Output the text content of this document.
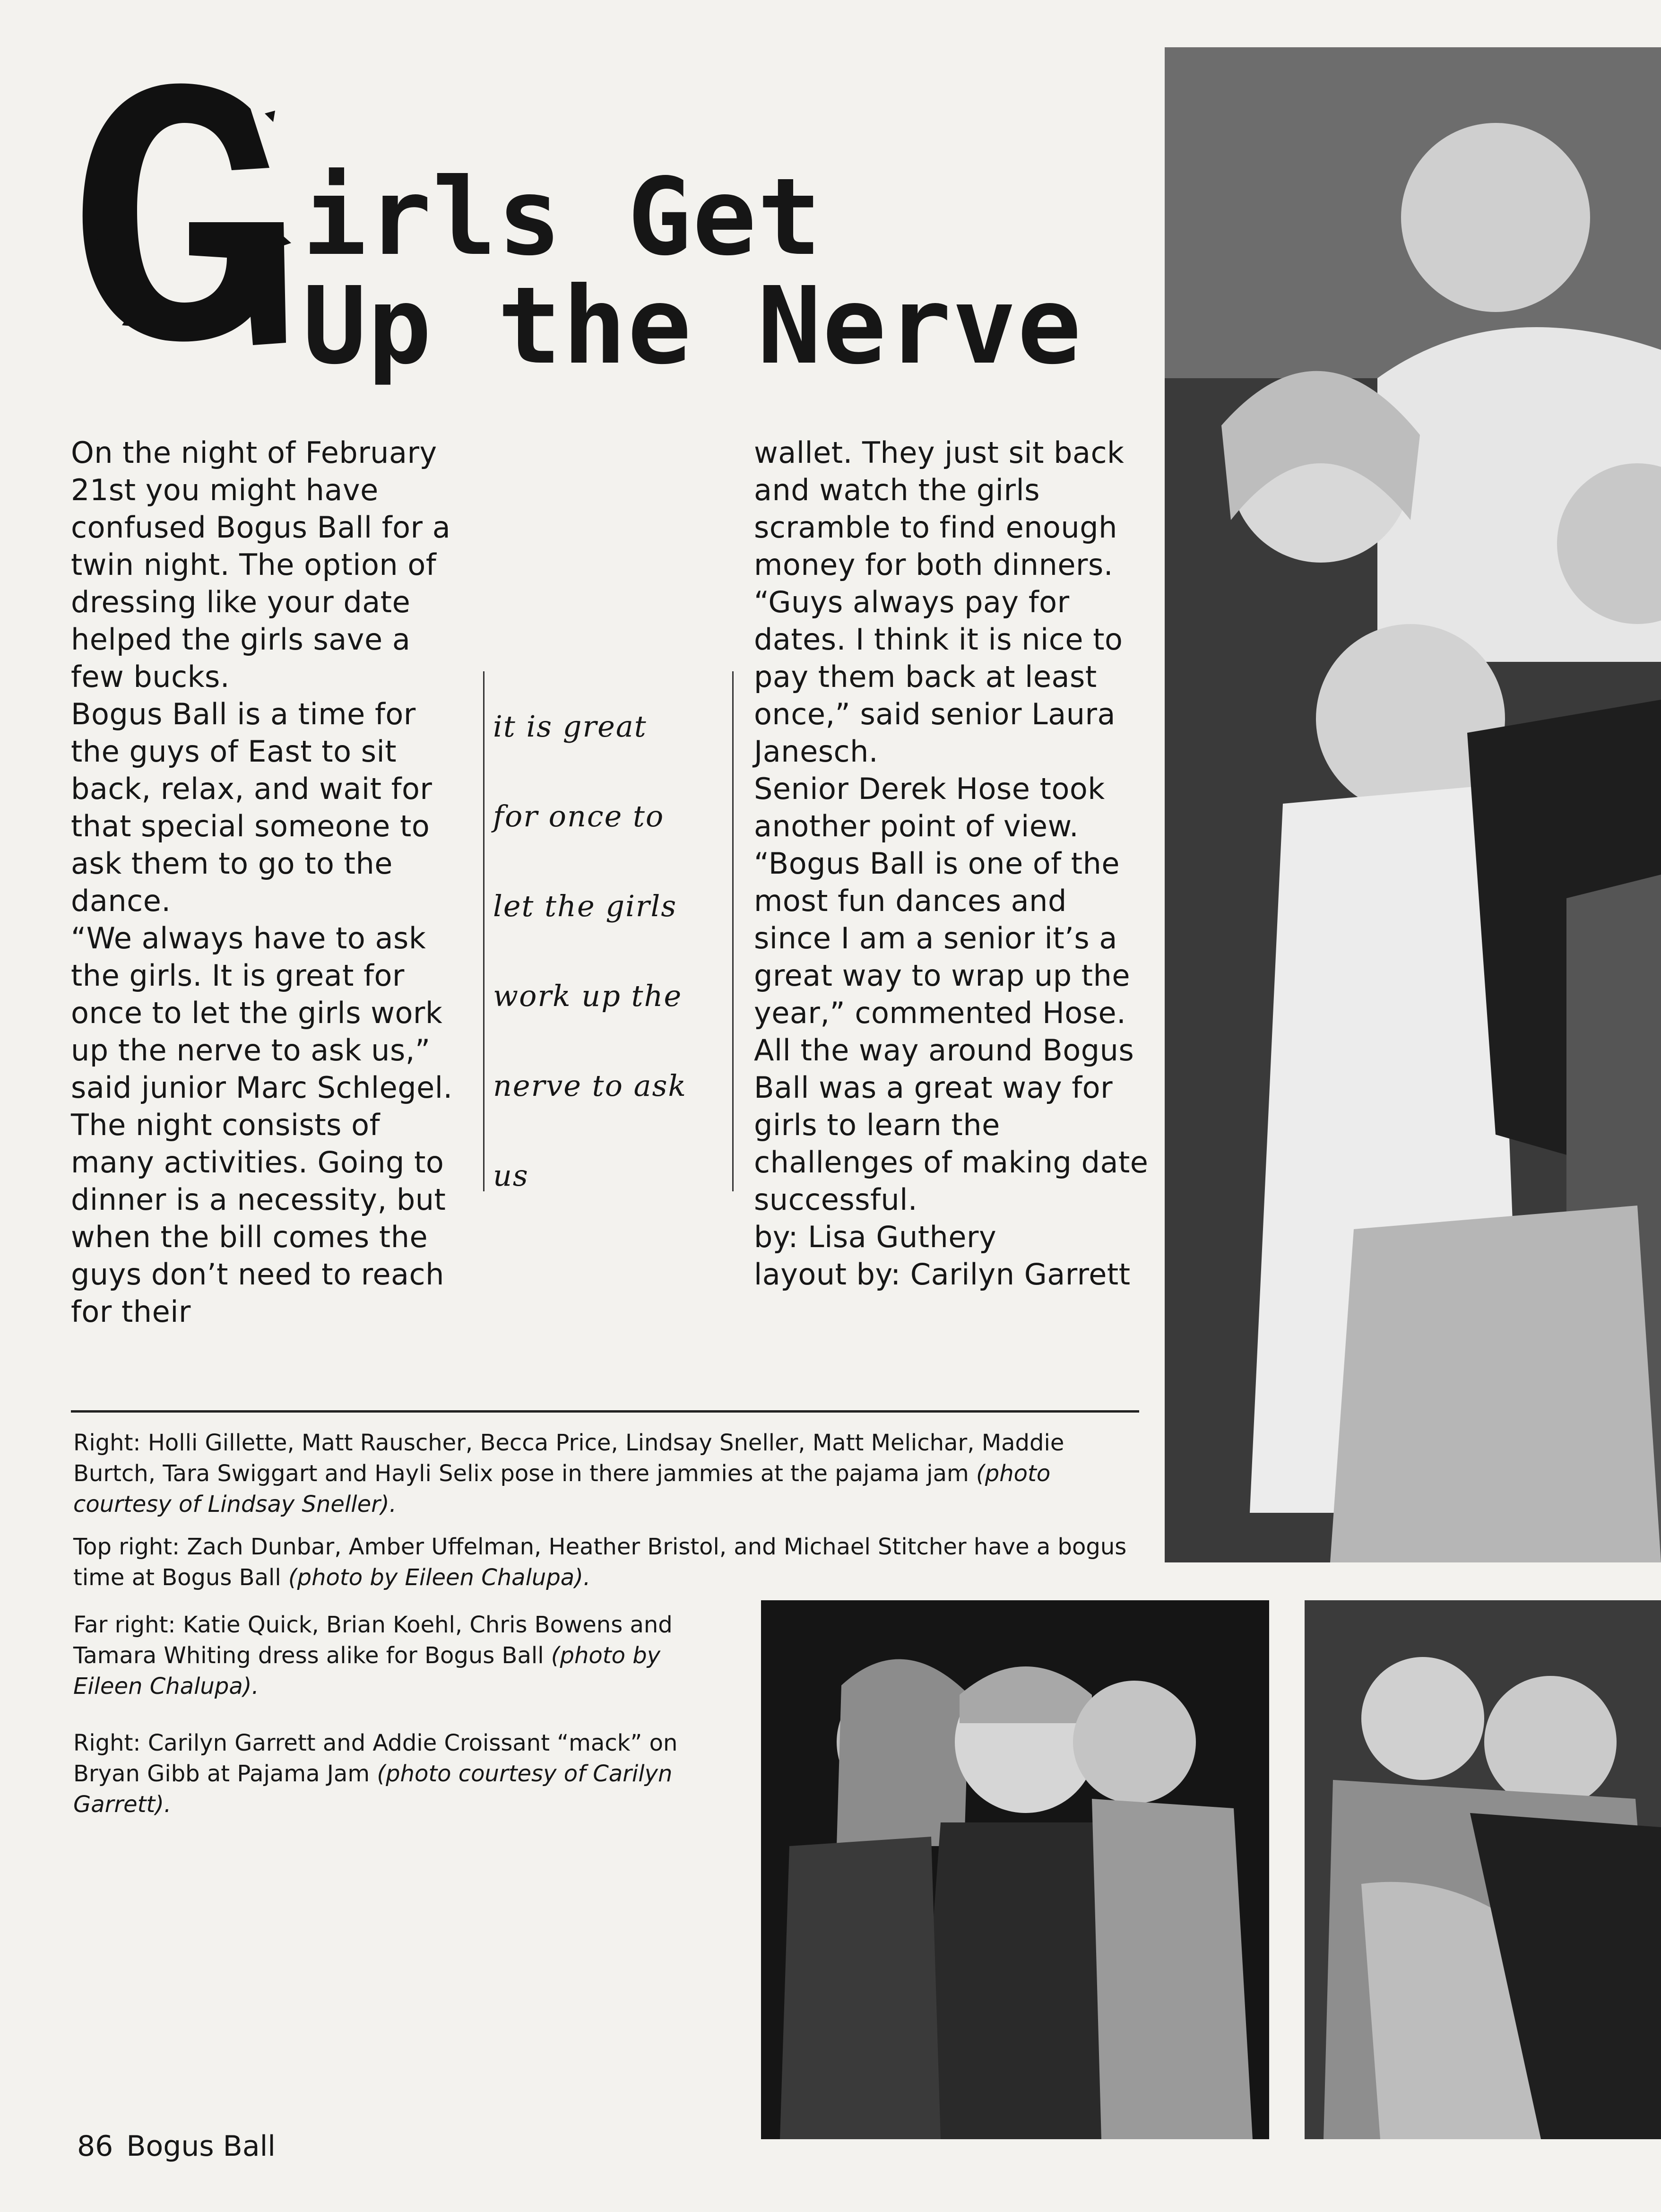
irls Get
Up the Nerve

On the night of February 21st you might have confused Bogus Ball for a twin night. The option of dressing like your date helped the girls save a few bucks.

Bogus Ball is a time for the guys of East to sit back, relax, and wait for that special someone to ask them to go to the dance.

“We always have to ask the girls. It is great for once to let the girls work up the nerve to ask us,” said junior Marc Schlegel.

The night consists of many activities. Going to dinner is a necessity, but when the bill comes the guys don’t need to reach for their

it is great
for once to
let the girls
work up the
nerve to ask
us

wallet. They just sit back and watch the girls scramble to find enough money for both dinners.

“Guys always pay for dates. I think it is nice to pay them back at least once,” said senior Laura Janesch.

Senior Derek Hose took another point of view.

“Bogus Ball is one of the most fun dances and since I am a senior it’s a great way to wrap up the year,” commented Hose.

All the way around Bogus Ball was a great way for girls to learn the challenges of making date successful.

by: Lisa Guthery

layout by: Carilyn Garrett

Right: Holli Gillette, Matt Rauscher, Becca Price, Lindsay Sneller, Matt Melichar, Maddie Burtch, Tara Swiggart and Hayli Selix pose in there jammies at the pajama jam (photo courtesy of Lindsay Sneller).

Top right: Zach Dunbar, Amber Uffelman, Heather Bristol, and Michael Stitcher have a bogus time at Bogus Ball (photo by Eileen Chalupa).

Far right: Katie Quick, Brian Koehl, Chris Bowens and Tamara Whiting dress alike for Bogus Ball (photo by Eileen Chalupa).

Right: Carilyn Garrett and Addie Croissant “mack” on Bryan Gibb at Pajama Jam (photo courtesy of Carilyn Garrett).

86 Bogus Ball
